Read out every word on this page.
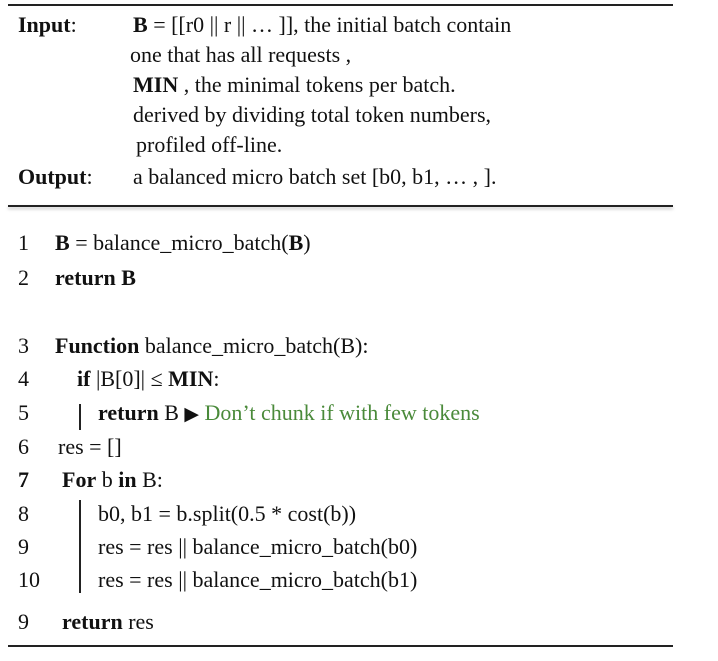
Input:	B = [[r0 || r || … ]], the initial batch contain
one that has all requests ,
MIN , the minimal tokens per batch.
derived by dividing total token numbers,
profiled off-line.
Output: a balanced micro batch set [b0, b1, … , ].
1	B = balance_micro_batch(B)
2	return B
3	Function balance_micro_batch(B):
4	if |B[0]| ≤ MIN:
5	return B ▶ Don’t chunk if with few tokens
6	res = []
7	For b in B:
8	b0, b1 = b.split(0.5 * cost(b))
9	res = res || balance_micro_batch(b0)
10	res = res || balance_micro_batch(b1)
9	return res
